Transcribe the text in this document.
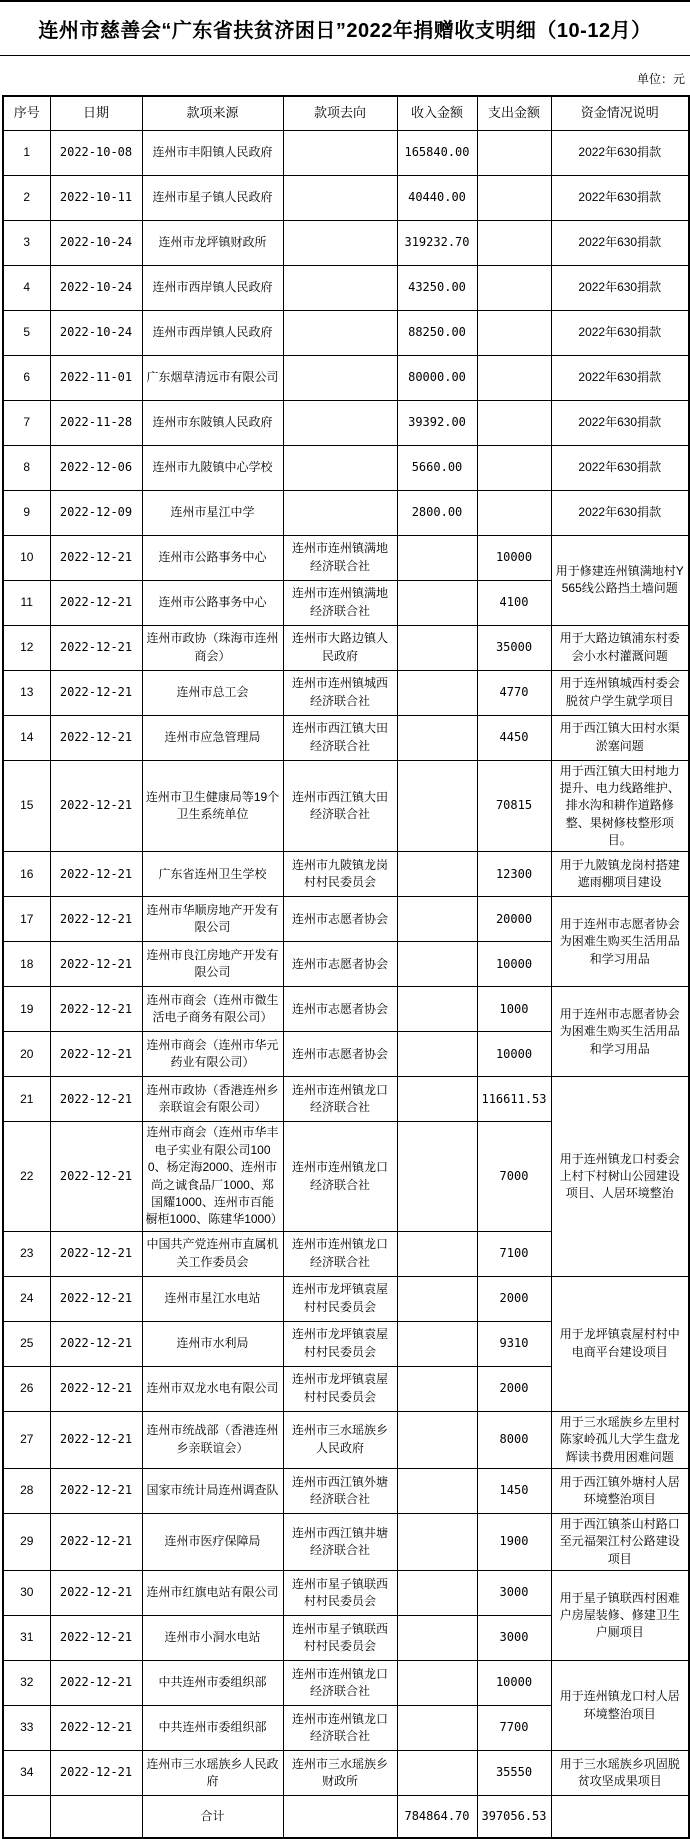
连州市慈善会“广东省扶贫济困日”2022年捐赠收支明细（10-12月）
单位：元
序号	日期	款项来源	款项去向	收入金额	支出金额	资金情况说明
1	2022-10-08	连州市丰阳镇人民政府		165840.00		2022年630捐款
2	2022-10-11	连州市星子镇人民政府		40440.00		2022年630捐款
3	2022-10-24	连州市龙坪镇财政所		319232.70		2022年630捐款
4	2022-10-24	连州市西岸镇人民政府		43250.00		2022年630捐款
5	2022-10-24	连州市西岸镇人民政府		88250.00		2022年630捐款
6	2022-11-01	广东烟草清远市有限公司		80000.00		2022年630捐款
7	2022-11-28	连州市东陂镇人民政府		39392.00		2022年630捐款
8	2022-12-06	连州市九陂镇中心学校		5660.00		2022年630捐款
9	2022-12-09	连州市星江中学		2800.00		2022年630捐款
10	2022-12-21	连州市公路事务中心	连州市连州镇满地经济联合社		10000	用于修建连州镇满地村Y565线公路挡土墙问题
11	2022-12-21	连州市公路事务中心	连州市连州镇满地经济联合社		4100	
12	2022-12-21	连州市政协（珠海市连州商会）	连州市大路边镇人民政府		35000	用于大路边镇浦东村委会小水村灌溉问题
13	2022-12-21	连州市总工会	连州市连州镇城西经济联合社		4770	用于连州镇城西村委会脱贫户学生就学项目
14	2022-12-21	连州市应急管理局	连州市西江镇大田经济联合社		4450	用于西江镇大田村水渠淤塞问题
15	2022-12-21	连州市卫生健康局等19个卫生系统单位	连州市西江镇大田经济联合社		70815	用于西江镇大田村地力提升、电力线路维护、排水沟和耕作道路修整、果树修枝整形项目。
16	2022-12-21	广东省连州卫生学校	连州市九陂镇龙岗村村民委员会		12300	用于九陂镇龙岗村搭建遮雨棚项目建设
17	2022-12-21	连州市华顺房地产开发有限公司	连州市志愿者协会		20000	用于连州市志愿者协会为困难生购买生活用品和学习用品
18	2022-12-21	连州市良江房地产开发有限公司	连州市志愿者协会		10000	
19	2022-12-21	连州市商会（连州市微生活电子商务有限公司）	连州市志愿者协会		1000	用于连州市志愿者协会为困难生购买生活用品和学习用品
20	2022-12-21	连州市商会（连州市华元药业有限公司）	连州市志愿者协会		10000	
21	2022-12-21	连州市政协（香港连州乡亲联谊会有限公司）	连州市连州镇龙口经济联合社		116611.53	用于连州镇龙口村委会上村下村树山公园建设项目、人居环境整治
22	2022-12-21	连州市商会（连州市华丰电子实业有限公司1000、杨定海2000、连州市尚之诚食品厂1000、郑国耀1000、连州市百能橱柜1000、陈建华1000）	连州市连州镇龙口经济联合社		7000	
23	2022-12-21	中国共产党连州市直属机关工作委员会	连州市连州镇龙口经济联合社		7100	
24	2022-12-21	连州市星江水电站	连州市龙坪镇袁屋村村民委员会		2000	用于龙坪镇袁屋村村中电商平台建设项目
25	2022-12-21	连州市水利局	连州市龙坪镇袁屋村村民委员会		9310	
26	2022-12-21	连州市双龙水电有限公司	连州市龙坪镇袁屋村村民委员会		2000	
27	2022-12-21	连州市统战部（香港连州乡亲联谊会）	连州市三水瑶族乡人民政府		8000	用于三水瑶族乡左里村陈家岭孤儿大学生盘龙辉读书费用困难问题
28	2022-12-21	国家市统计局连州调查队	连州市西江镇外塘经济联合社		1450	用于西江镇外塘村人居环境整治项目
29	2022-12-21	连州市医疗保障局	连州市西江镇井塘经济联合社		1900	用于西江镇茶山村路口至元福架江村公路建设项目
30	2022-12-21	连州市红旗电站有限公司	连州市星子镇联西村村民委员会		3000	用于星子镇联西村困难户房屋装修、修建卫生户厕项目
31	2022-12-21	连州市小洞水电站	连州市星子镇联西村村民委员会		3000	
32	2022-12-21	中共连州市委组织部	连州市连州镇龙口经济联合社		10000	用于连州镇龙口村人居环境整治项目
33	2022-12-21	中共连州市委组织部	连州市连州镇龙口经济联合社		7700	
34	2022-12-21	连州市三水瑶族乡人民政府	连州市三水瑶族乡财政所		35550	用于三水瑶族乡巩固脱贫攻坚成果项目
		合计		784864.70	397056.53	
